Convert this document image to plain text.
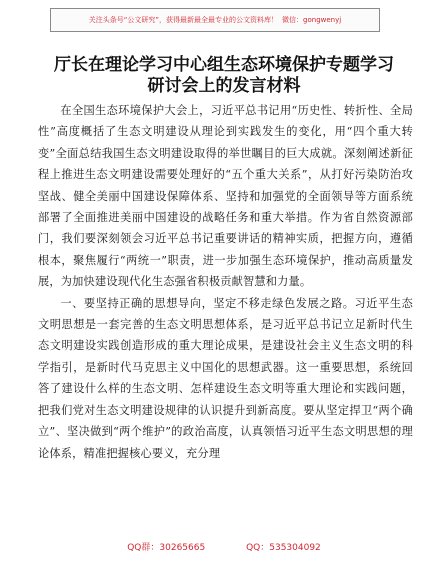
关注头条号“公文研究”，获得最新最全最专业的公文资料库！ 微信：gongwenyj
厅长在理论学习中心组生态环境保护专题学习
研讨会上的发言材料

在全国生态环境保护大会上，习近平总书记用“历史性、转折性、全局性”高度概括了生态文明建设从理论到实践发生的变化，用“四个重大转变”全面总结我国生态文明建设取得的举世瞩目的巨大成就。深刻阐述新征程上推进生态文明建设需要处理好的“五个重大关系”，从打好污染防治攻坚战、健全美丽中国建设保障体系、坚持和加强党的全面领导等方面系统部署了全面推进美丽中国建设的战略任务和重大举措。作为省自然资源部门，我们要深刻领会习近平总书记重要讲话的精神实质，把握方向，遵循根本，聚焦履行“两统一”职责，进一步加强生态环境保护，推动高质量发展，为加快建设现代化生态强省积极贡献智慧和力量。

一、要坚持正确的思想导向，坚定不移走绿色发展之路。习近平生态文明思想是一套完善的生态文明思想体系，是习近平总书记立足新时代生态文明建设实践创造形成的重大理论成果，是建设社会主义生态文明的科学指引，是新时代马克思主义中国化的思想武器。这一重要思想，系统回答了建设什么样的生态文明、怎样建设生态文明等重大理论和实践问题，把我们党对生态文明建设规律的认识提升到新高度。要从坚定捍卫“两个确立”、坚决做到“两个维护”的政治高度，认真领悟习近平生态文明思想的理论体系，精准把握核心要义，充分理

QQ群：30265665	QQ：535304092
